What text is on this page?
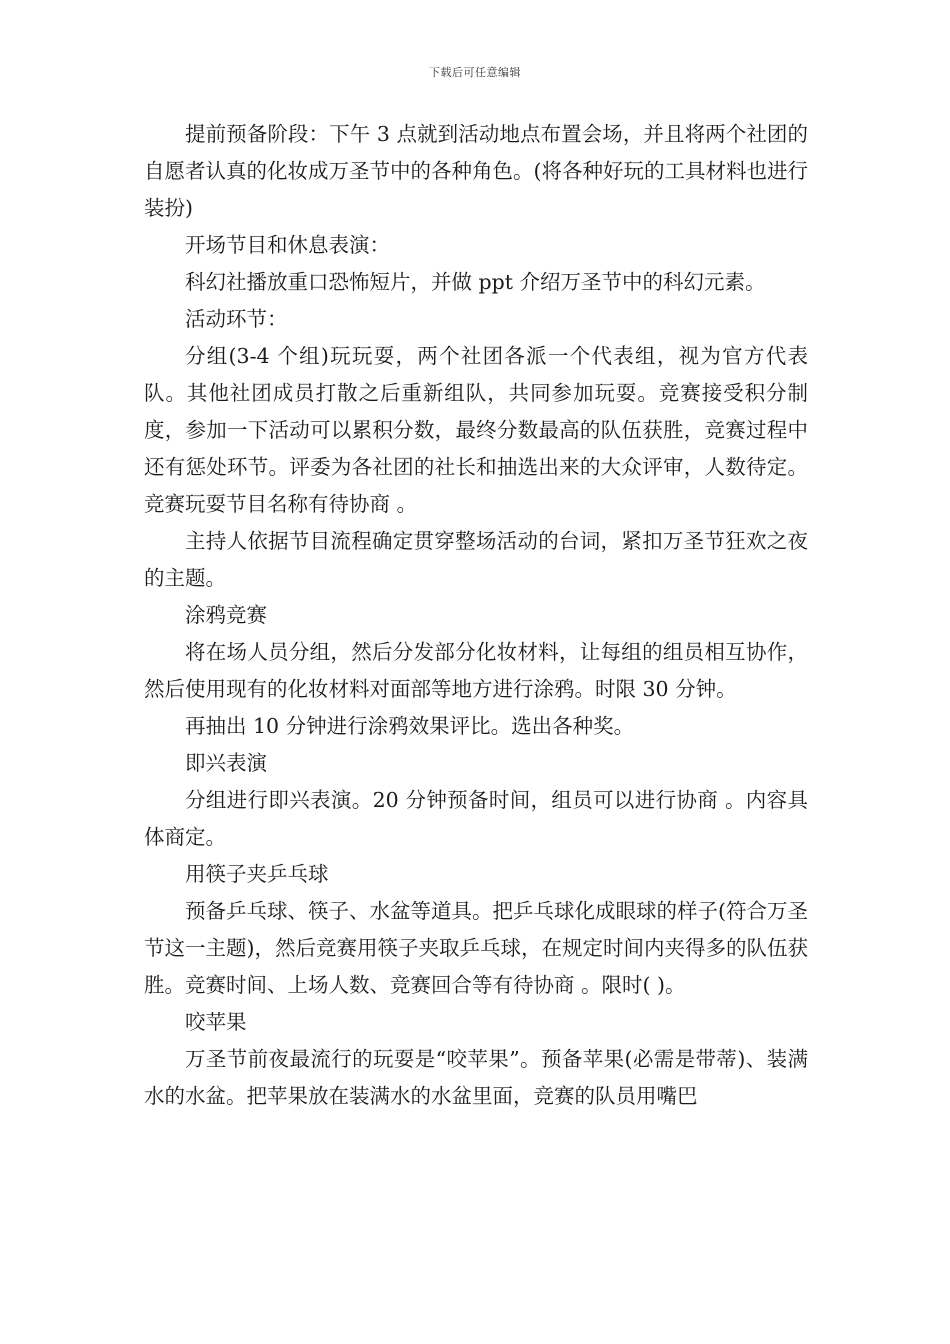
下载后可任意编辑

提前预备阶段：下午 3 点就到活动地点布置会场，并且将两个社团的自愿者认真的化妆成万圣节中的各种角色。(将各种好玩的工具材料也进行装扮)

开场节目和休息表演：

科幻社播放重口恐怖短片，并做 ppt 介绍万圣节中的科幻元素。

活动环节：

分组(3-4 个组)玩玩耍，两个社团各派一个代表组，视为官方代表队。其他社团成员打散之后重新组队，共同参加玩耍。竞赛接受积分制度，参加一下活动可以累积分数，最终分数最高的队伍获胜，竞赛过程中还有惩处环节。评委为各社团的社长和抽选出来的大众评审，人数待定。竞赛玩耍节目名称有待协商 。

主持人依据节目流程确定贯穿整场活动的台词，紧扣万圣节狂欢之夜的主题。

涂鸦竞赛

将在场人员分组，然后分发部分化妆材料，让每组的组员相互协作，然后使用现有的化妆材料对面部等地方进行涂鸦。时限 30 分钟。

再抽出 10 分钟进行涂鸦效果评比。选出各种奖。

即兴表演

分组进行即兴表演。20 分钟预备时间，组员可以进行协商 。内容具体商定。

用筷子夹乒乓球

预备乒乓球、筷子、水盆等道具。把乒乓球化成眼球的样子(符合万圣节这一主题)，然后竞赛用筷子夹取乒乓球，在规定时间内夹得多的队伍获胜。竞赛时间、上场人数、竞赛回合等有待协商 。限时( )。

咬苹果

万圣节前夜最流行的玩耍是“咬苹果”。预备苹果(必需是带蒂)、装满水的水盆。把苹果放在装满水的水盆里面，竞赛的队员用嘴巴
